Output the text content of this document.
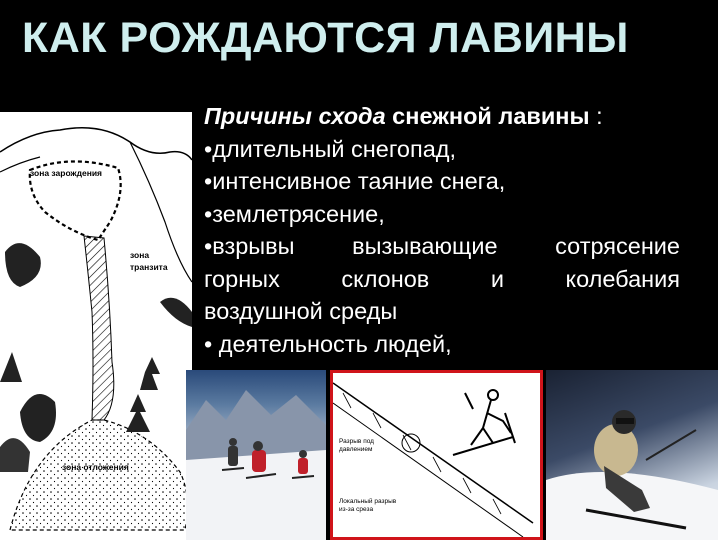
КАК РОЖДАЮТСЯ ЛАВИНЫ
зона зарождения
зона
транзита
зона отложения
Причины схода снежной лавины :
•длительный снегопад,
•интенсивное таяние снега,
•землетрясение,
•взрывы вызывающие сотрясение
горных склонов и колебания
воздушной среды
• деятельность людей,
Разрыв под
давлением
Локальный разрыв
из-за среза
